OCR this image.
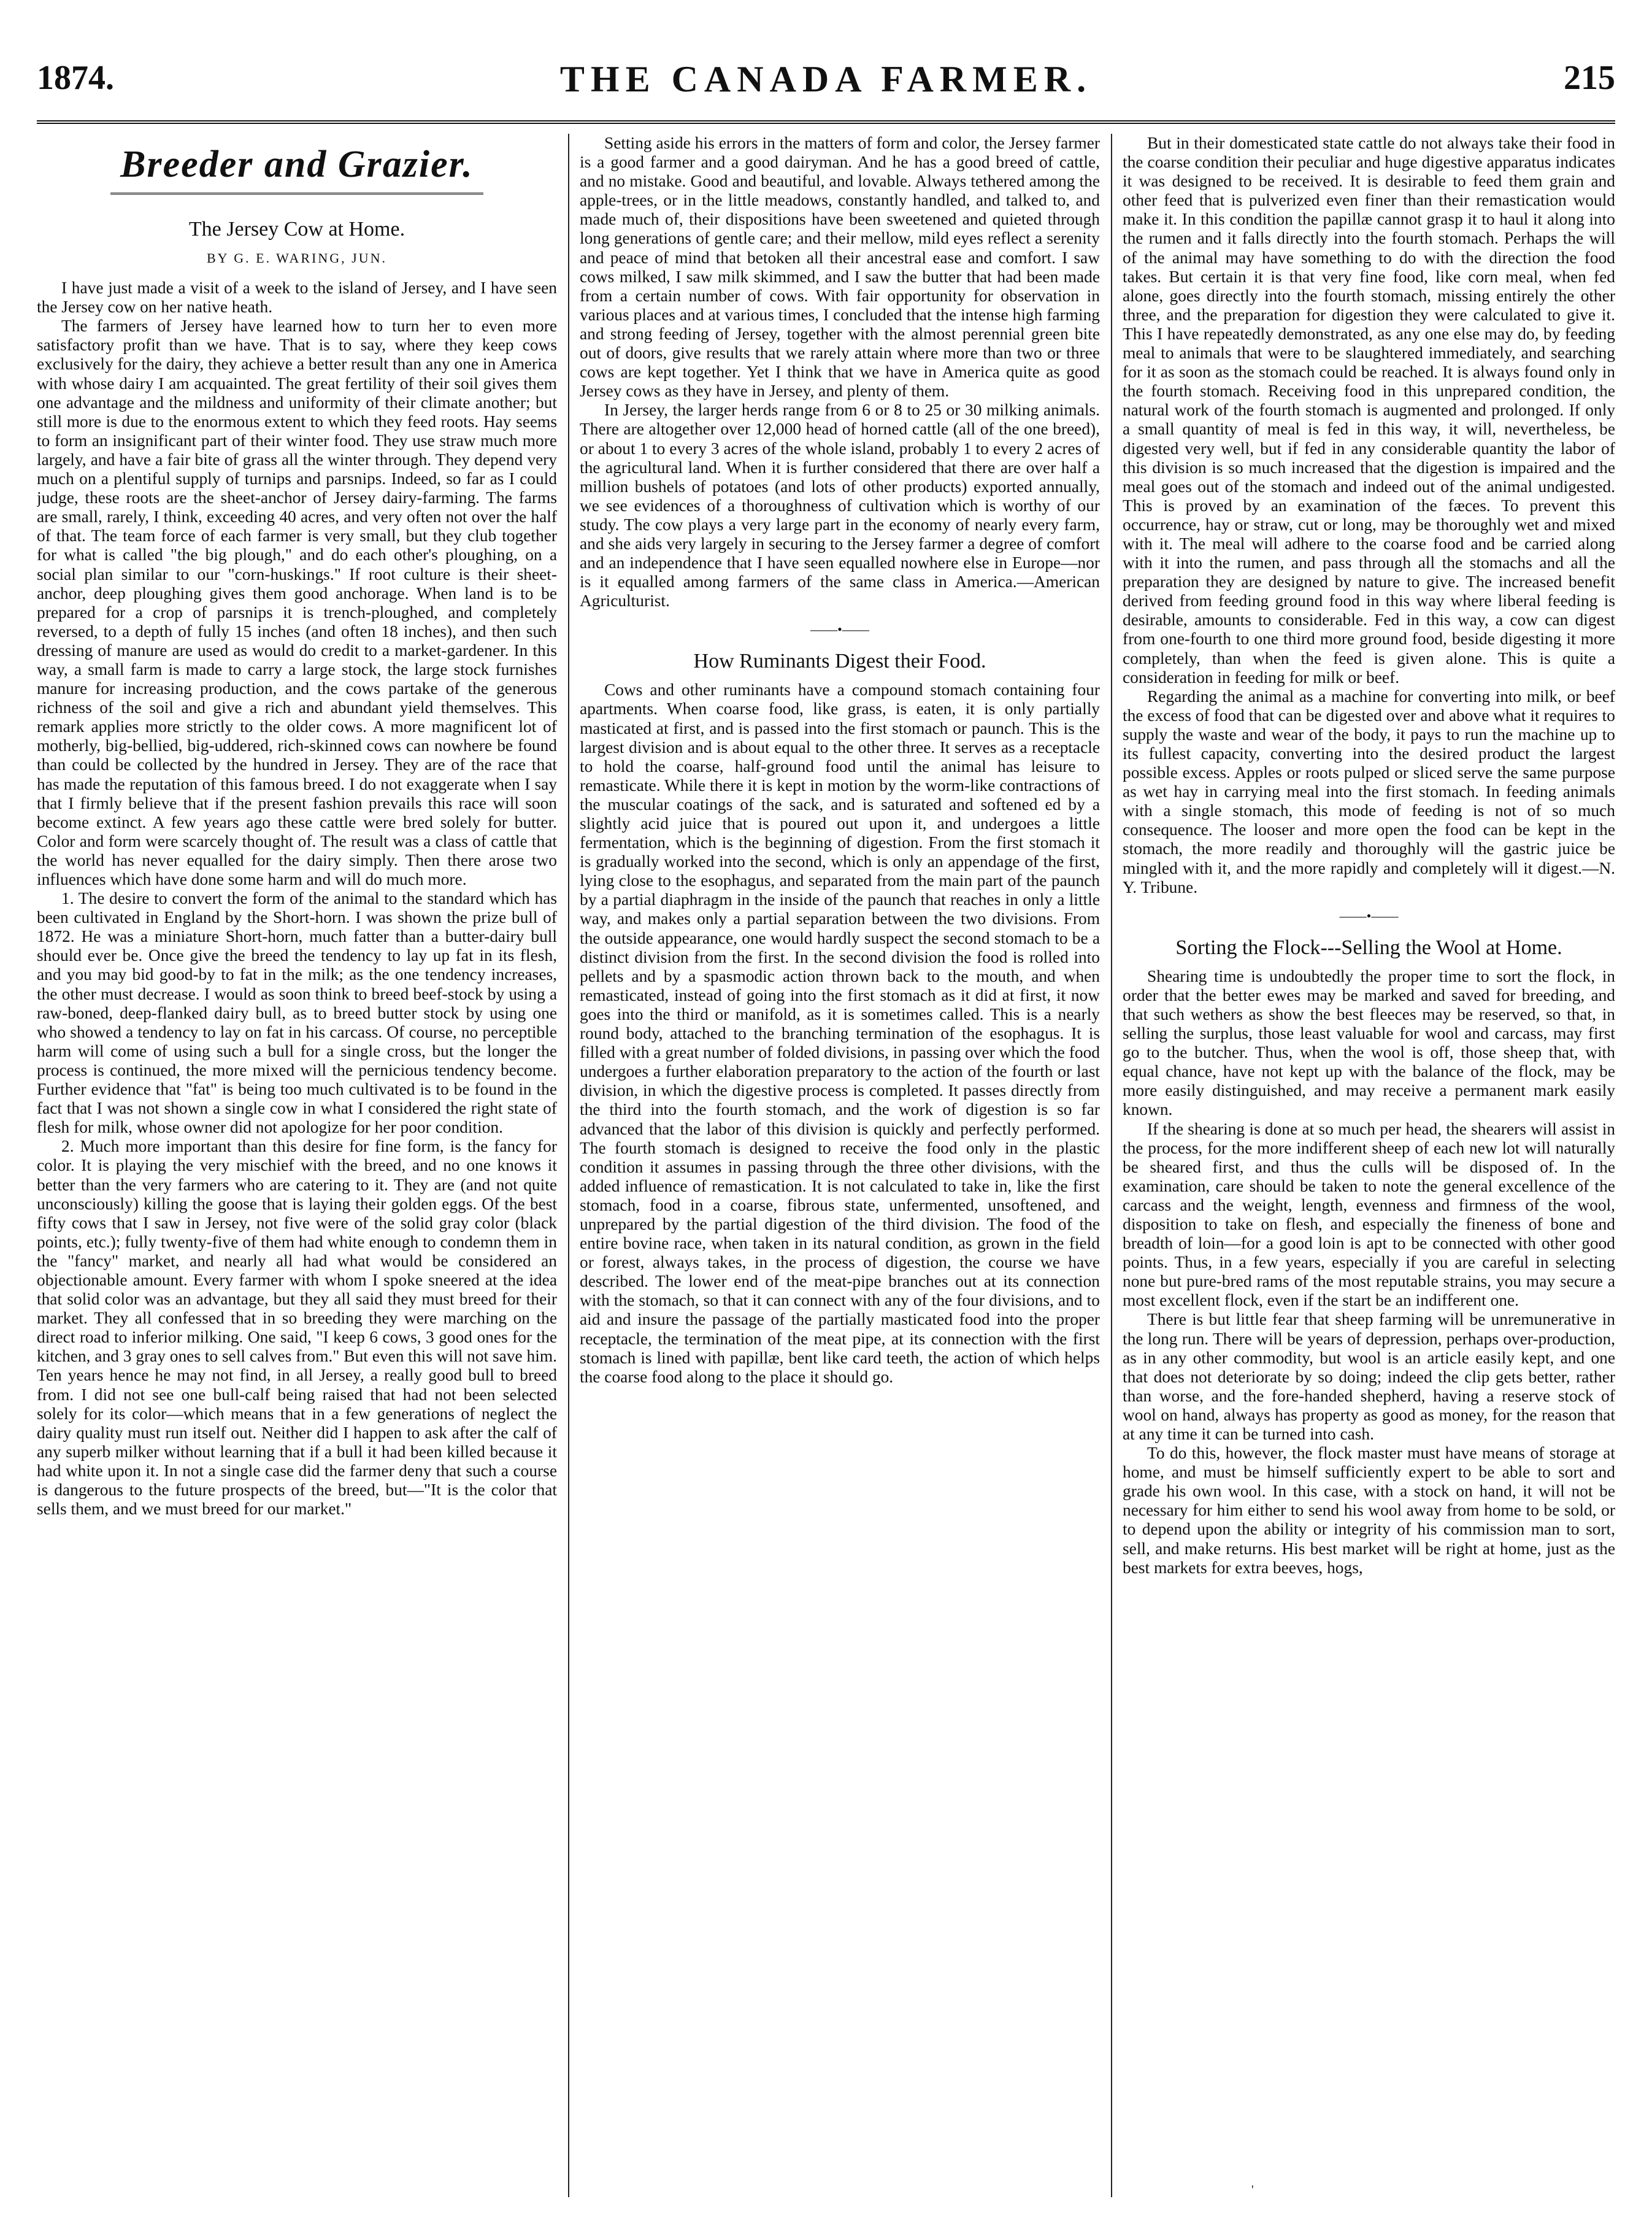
1874.	THE CANADA FARMER.	215
Breeder and Grazier.
The Jersey Cow at Home.
BY G. E. WARING, JUN.

I have just made a visit of a week to the island of Jersey, and I have seen the Jersey cow on her native heath.

The farmers of Jersey have learned how to turn her to even more satisfactory profit than we have. That is to say, where they keep cows exclusively for the dairy, they achieve a better result than any one in America with whose dairy I am acquainted. The great fertility of their soil gives them one advantage and the mildness and uniformity of their climate another; but still more is due to the enormous extent to which they feed roots. Hay seems to form an insignificant part of their winter food. They use straw much more largely, and have a fair bite of grass all the winter through. They depend very much on a plentiful supply of turnips and parsnips. Indeed, so far as I could judge, these roots are the sheet-anchor of Jersey dairy-farming. The farms are small, rarely, I think, exceeding 40 acres, and very often not over the half of that. The team force of each farmer is very small, but they club together for what is called "the big plough," and do each other's ploughing, on a social plan similar to our "corn-huskings." If root culture is their sheet-anchor, deep ploughing gives them good anchorage. When land is to be prepared for a crop of parsnips it is trench-ploughed, and completely reversed, to a depth of fully 15 inches (and often 18 inches), and then such dressing of manure are used as would do credit to a market-gardener. In this way, a small farm is made to carry a large stock, the large stock furnishes manure for increasing production, and the cows partake of the generous richness of the soil and give a rich and abundant yield themselves. This remark applies more strictly to the older cows. A more magnificent lot of motherly, big-bellied, big-uddered, rich-skinned cows can nowhere be found than could be collected by the hundred in Jersey. They are of the race that has made the reputation of this famous breed. I do not exaggerate when I say that I firmly believe that if the present fashion prevails this race will soon become extinct. A few years ago these cattle were bred solely for butter. Color and form were scarcely thought of. The result was a class of cattle that the world has never equalled for the dairy simply. Then there arose two influences which have done some harm and will do much more.

1. The desire to convert the form of the animal to the standard which has been cultivated in England by the Short-horn. I was shown the prize bull of 1872. He was a miniature Short-horn, much fatter than a butter-dairy bull should ever be. Once give the breed the tendency to lay up fat in its flesh, and you may bid good-by to fat in the milk; as the one tendency increases, the other must decrease. I would as soon think to breed beef-stock by using a raw-boned, deep-flanked dairy bull, as to breed butter stock by using one who showed a tendency to lay on fat in his carcass. Of course, no perceptible harm will come of using such a bull for a single cross, but the longer the process is continued, the more mixed will the pernicious tendency become. Further evidence that "fat" is being too much cultivated is to be found in the fact that I was not shown a single cow in what I considered the right state of flesh for milk, whose owner did not apologize for her poor condition.

2. Much more important than this desire for fine form, is the fancy for color. It is playing the very mischief with the breed, and no one knows it better than the very farmers who are catering to it. They are (and not quite unconsciously) killing the goose that is laying their golden eggs. Of the best fifty cows that I saw in Jersey, not five were of the solid gray color (black points, etc.); fully twenty-five of them had white enough to condemn them in the "fancy" market, and nearly all had what would be considered an objectionable amount. Every farmer with whom I spoke sneered at the idea that solid color was an advantage, but they all said they must breed for their market. They all confessed that in so breeding they were marching on the direct road to inferior milking. One said, "I keep 6 cows, 3 good ones for the kitchen, and 3 gray ones to sell calves from." But even this will not save him. Ten years hence he may not find, in all Jersey, a really good bull to breed from. I did not see one bull-calf being raised that had not been selected solely for its color—which means that in a few generations of neglect the dairy quality must run itself out. Neither did I happen to ask after the calf of any superb milker without learning that if a bull it had been killed because it had white upon it. In not a single case did the farmer deny that such a course is dangerous to the future prospects of the breed, but—"It is the color that sells them, and we must breed for our market."

Setting aside his errors in the matters of form and color, the Jersey farmer is a good farmer and a good dairyman. And he has a good breed of cattle, and no mistake. Good and beautiful, and lovable. Always tethered among the apple-trees, or in the little meadows, constantly handled, and talked to, and made much of, their dispositions have been sweetened and quieted through long generations of gentle care; and their mellow, mild eyes reflect a serenity and peace of mind that betoken all their ancestral ease and comfort. I saw cows milked, I saw milk skimmed, and I saw the butter that had been made from a certain number of cows. With fair opportunity for observation in various places and at various times, I concluded that the intense high farming and strong feeding of Jersey, together with the almost perennial green bite out of doors, give results that we rarely attain where more than two or three cows are kept together. Yet I think that we have in America quite as good Jersey cows as they have in Jersey, and plenty of them.

In Jersey, the larger herds range from 6 or 8 to 25 or 30 milking animals. There are altogether over 12,000 head of horned cattle (all of the one breed), or about 1 to every 3 acres of the whole island, probably 1 to every 2 acres of the agricultural land. When it is further considered that there are over half a million bushels of potatoes (and lots of other products) exported annually, we see evidences of a thoroughness of cultivation which is worthy of our study. The cow plays a very large part in the economy of nearly every farm, and she aids very largely in securing to the Jersey farmer a degree of comfort and an independence that I have seen equalled nowhere else in Europe—nor is it equalled among farmers of the same class in America.—American Agriculturist.

——•——
How Ruminants Digest their Food.

Cows and other ruminants have a compound stomach containing four apartments. When coarse food, like grass, is eaten, it is only partially masticated at first, and is passed into the first stomach or paunch. This is the largest division and is about equal to the other three. It serves as a receptacle to hold the coarse, half-ground food until the animal has leisure to remasticate. While there it is kept in motion by the worm-like contractions of the muscular coatings of the sack, and is saturated and softened ed by a slightly acid juice that is poured out upon it, and undergoes a little fermentation, which is the beginning of digestion. From the first stomach it is gradually worked into the second, which is only an appendage of the first, lying close to the esophagus, and separated from the main part of the paunch by a partial diaphragm in the inside of the paunch that reaches in only a little way, and makes only a partial separation between the two divisions. From the outside appearance, one would hardly suspect the second stomach to be a distinct division from the first. In the second division the food is rolled into pellets and by a spasmodic action thrown back to the mouth, and when remasticated, instead of going into the first stomach as it did at first, it now goes into the third or manifold, as it is sometimes called. This is a nearly round body, attached to the branching termination of the esophagus. It is filled with a great number of folded divisions, in passing over which the food undergoes a further elaboration preparatory to the action of the fourth or last division, in which the digestive process is completed. It passes directly from the third into the fourth stomach, and the work of digestion is so far advanced that the labor of this division is quickly and perfectly performed. The fourth stomach is designed to receive the food only in the plastic condition it assumes in passing through the three other divisions, with the added influence of remastication. It is not calculated to take in, like the first stomach, food in a coarse, fibrous state, unfermented, unsoftened, and unprepared by the partial digestion of the third division. The food of the entire bovine race, when taken in its natural condition, as grown in the field or forest, always takes, in the process of digestion, the course we have described. The lower end of the meat-pipe branches out at its connection with the stomach, so that it can connect with any of the four divisions, and to aid and insure the passage of the partially masticated food into the proper receptacle, the termination of the meat pipe, at its connection with the first stomach is lined with papillæ, bent like card teeth, the action of which helps the coarse food along to the place it should go.

But in their domesticated state cattle do not always take their food in the coarse condition their peculiar and huge digestive apparatus indicates it was designed to be received. It is desirable to feed them grain and other feed that is pulverized even finer than their remastication would make it. In this condition the papillæ cannot grasp it to haul it along into the rumen and it falls directly into the fourth stomach. Perhaps the will of the animal may have something to do with the direction the food takes. But certain it is that very fine food, like corn meal, when fed alone, goes directly into the fourth stomach, missing entirely the other three, and the preparation for digestion they were calculated to give it. This I have repeatedly demonstrated, as any one else may do, by feeding meal to animals that were to be slaughtered immediately, and searching for it as soon as the stomach could be reached. It is always found only in the fourth stomach. Receiving food in this unprepared condition, the natural work of the fourth stomach is augmented and prolonged. If only a small quantity of meal is fed in this way, it will, nevertheless, be digested very well, but if fed in any considerable quantity the labor of this division is so much increased that the digestion is impaired and the meal goes out of the stomach and indeed out of the animal undigested. This is proved by an examination of the fæces. To prevent this occurrence, hay or straw, cut or long, may be thoroughly wet and mixed with it. The meal will adhere to the coarse food and be carried along with it into the rumen, and pass through all the stomachs and all the preparation they are designed by nature to give. The increased benefit derived from feeding ground food in this way where liberal feeding is desirable, amounts to considerable. Fed in this way, a cow can digest from one-fourth to one third more ground food, beside digesting it more completely, than when the feed is given alone. This is quite a consideration in feeding for milk or beef.

Regarding the animal as a machine for converting into milk, or beef the excess of food that can be digested over and above what it requires to supply the waste and wear of the body, it pays to run the machine up to its fullest capacity, converting into the desired product the largest possible excess. Apples or roots pulped or sliced serve the same purpose as wet hay in carrying meal into the first stomach. In feeding animals with a single stomach, this mode of feeding is not of so much consequence. The looser and more open the food can be kept in the stomach, the more readily and thoroughly will the gastric juice be mingled with it, and the more rapidly and completely will it digest.—N. Y. Tribune.

——•——
Sorting the Flock---Selling the Wool at Home.

Shearing time is undoubtedly the proper time to sort the flock, in order that the better ewes may be marked and saved for breeding, and that such wethers as show the best fleeces may be reserved, so that, in selling the surplus, those least valuable for wool and carcass, may first go to the butcher. Thus, when the wool is off, those sheep that, with equal chance, have not kept up with the balance of the flock, may be more easily distinguished, and may receive a permanent mark easily known.

If the shearing is done at so much per head, the shearers will assist in the process, for the more indifferent sheep of each new lot will naturally be sheared first, and thus the culls will be disposed of. In the examination, care should be taken to note the general excellence of the carcass and the weight, length, evenness and firmness of the wool, disposition to take on flesh, and especially the fineness of bone and breadth of loin—for a good loin is apt to be connected with other good points. Thus, in a few years, especially if you are careful in selecting none but pure-bred rams of the most reputable strains, you may secure a most excellent flock, even if the start be an indifferent one.

There is but little fear that sheep farming will be unremunerative in the long run. There will be years of depression, perhaps over-production, as in any other commodity, but wool is an article easily kept, and one that does not deteriorate by so doing; indeed the clip gets better, rather than worse, and the fore-handed shepherd, having a reserve stock of wool on hand, always has property as good as money, for the reason that at any time it can be turned into cash.

To do this, however, the flock master must have means of storage at home, and must be himself sufficiently expert to be able to sort and grade his own wool. In this case, with a stock on hand, it will not be necessary for him either to send his wool away from home to be sold, or to depend upon the ability or integrity of his commission man to sort, sell, and make returns. His best market will be right at home, just as the best markets for extra beeves, hogs,

'
